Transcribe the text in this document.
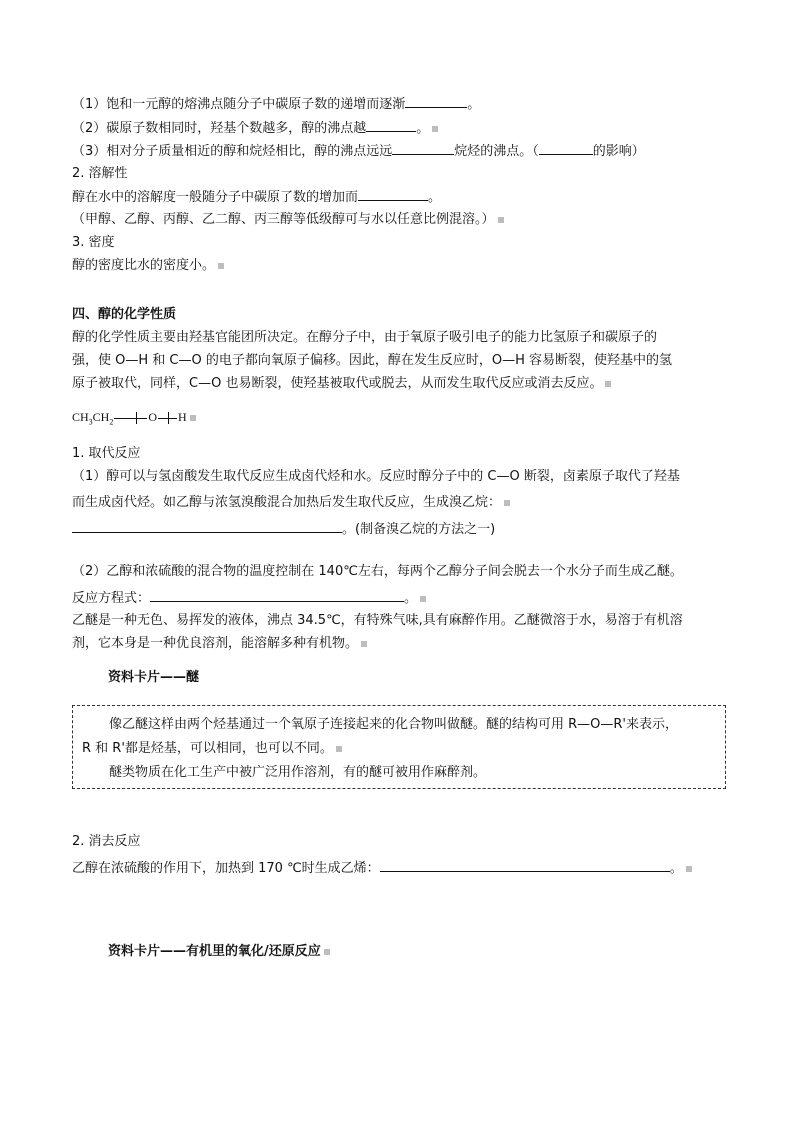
（1）饱和一元醇的熔沸点随分子中碳原子数的递增而逐渐	。
（2）碳原子数相同时，羟基个数越多，醇的沸点越	。
（3）相对分子质量相近的醇和烷烃相比，醇的沸点远远	烷烃的沸点。（	的影响）
2. 溶解性
醇在水中的溶解度一般随分子中碳原了数的增加而	。
（甲醇、乙醇、丙醇、乙二醇、丙三醇等低级醇可与水以任意比例混溶。）
3. 密度
醇的密度比水的密度小。
四、醇的化学性质
醇的化学性质主要由羟基官能团所决定。在醇分子中，由于氧原子吸引电子的能力比氢原子和碳原子的
强，使 O—H 和 C—O 的电子都向氧原子偏移。因此，醇在发生反应时，O—H 容易断裂，使羟基中的氢
原子被取代，同样，C—O 也易断裂，使羟基被取代或脱去，从而发生取代反应或消去反应。
$CH_3CH_2$	O H
1. 取代反应
（1）醇可以与氢卤酸发生取代反应生成卤代烃和水。反应时醇分子中的 C—O 断裂，卤素原子取代了羟基
而生成卤代烃。如乙醇与浓氢溴酸混合加热后发生取代反应，生成溴乙烷：
。(制备溴乙烷的方法之一)
（2）乙醇和浓硫酸的混合物的温度控制在 140℃左右，每两个乙醇分子间会脱去一个水分子而生成乙醚。
反应方程式：	。
乙醚是一种无色、易挥发的液体，沸点 34.5℃，有特殊气味,具有麻醉作用。乙醚微溶于水，易溶于有机溶
剂，它本身是一种优良溶剂，能溶解多种有机物。
资料卡片——醚
像乙醚这样由两个烃基通过一个氧原子连接起来的化合物叫做醚。醚的结构可用 R—O—R'来表示，
R 和 R'都是烃基，可以相同，也可以不同。
醚类物质在化工生产中被广泛用作溶剂，有的醚可被用作麻醉剂。
2. 消去反应
乙醇在浓硫酸的作用下，加热到 170 ℃时生成乙烯：	。
资料卡片——有机里的氧化/还原反应
